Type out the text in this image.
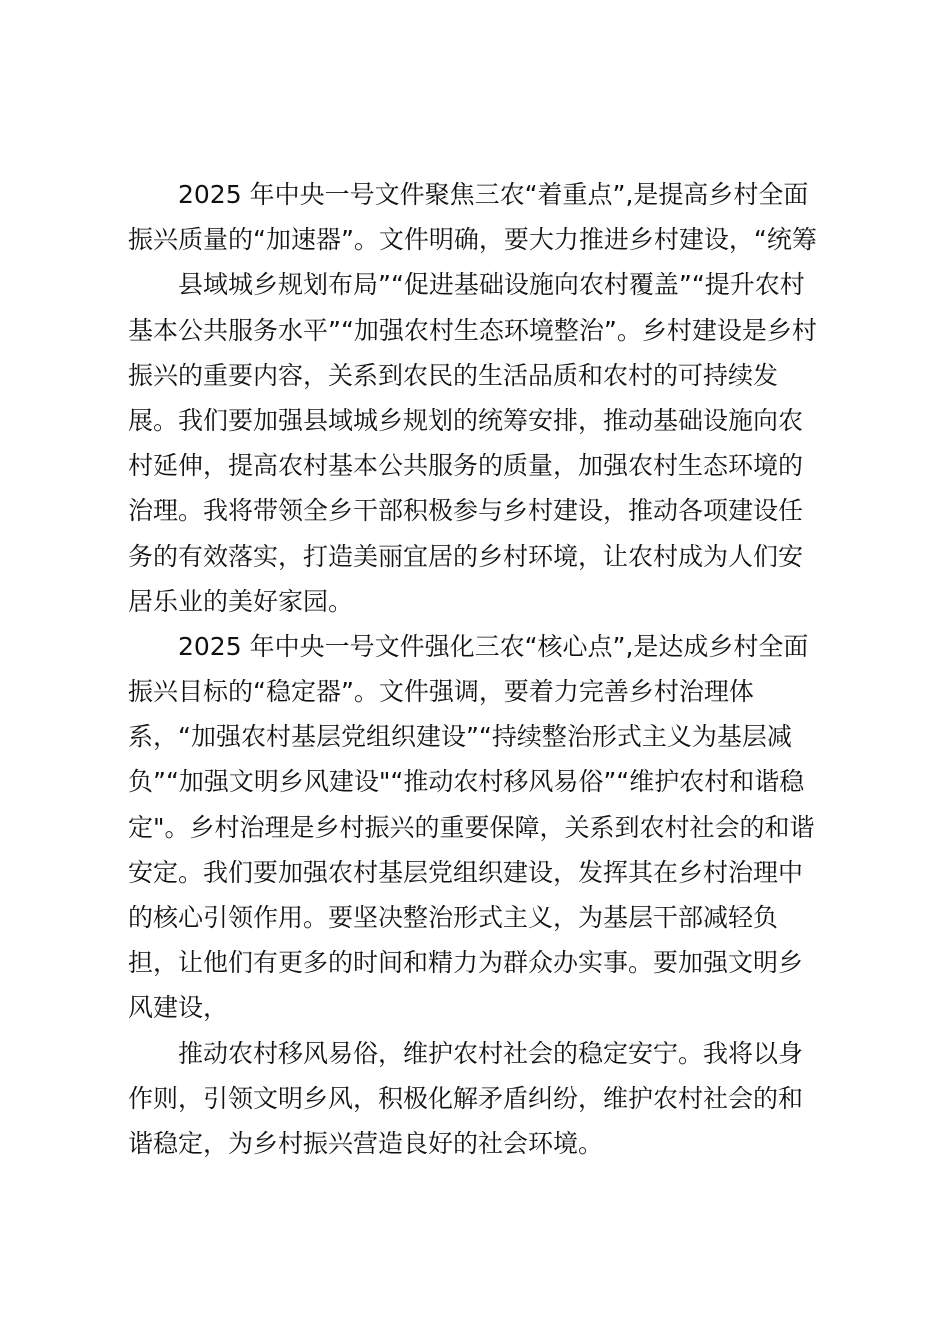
2025 年中央一号文件聚焦三农“着重点”,是提高乡村全面
振兴质量的“加速器”。文件明确，要大力推进乡村建设，“统筹
县域城乡规划布局”“促进基础设施向农村覆盖”“提升农村
基本公共服务水平”“加强农村生态环境整治”。乡村建设是乡村
振兴的重要内容，关系到农民的生活品质和农村的可持续发
展。我们要加强县域城乡规划的统筹安排，推动基础设施向农
村延伸，提高农村基本公共服务的质量，加强农村生态环境的
治理。我将带领全乡干部积极参与乡村建设，推动各项建设任
务的有效落实，打造美丽宜居的乡村环境，让农村成为人们安
居乐业的美好家园。
2025 年中央一号文件强化三农“核心点”,是达成乡村全面
振兴目标的“稳定器”。文件强调，要着力完善乡村治理体
系，“加强农村基层党组织建设”“持续整治形式主义为基层减
负”“加强文明乡风建设"“推动农村移风易俗”“维护农村和谐稳
定"。乡村治理是乡村振兴的重要保障，关系到农村社会的和谐
安定。我们要加强农村基层党组织建设，发挥其在乡村治理中
的核心引领作用。要坚决整治形式主义，为基层干部减轻负
担，让他们有更多的时间和精力为群众办实事。要加强文明乡
风建设，
推动农村移风易俗，维护农村社会的稳定安宁。我将以身
作则，引领文明乡风，积极化解矛盾纠纷，维护农村社会的和
谐稳定，为乡村振兴营造良好的社会环境。
